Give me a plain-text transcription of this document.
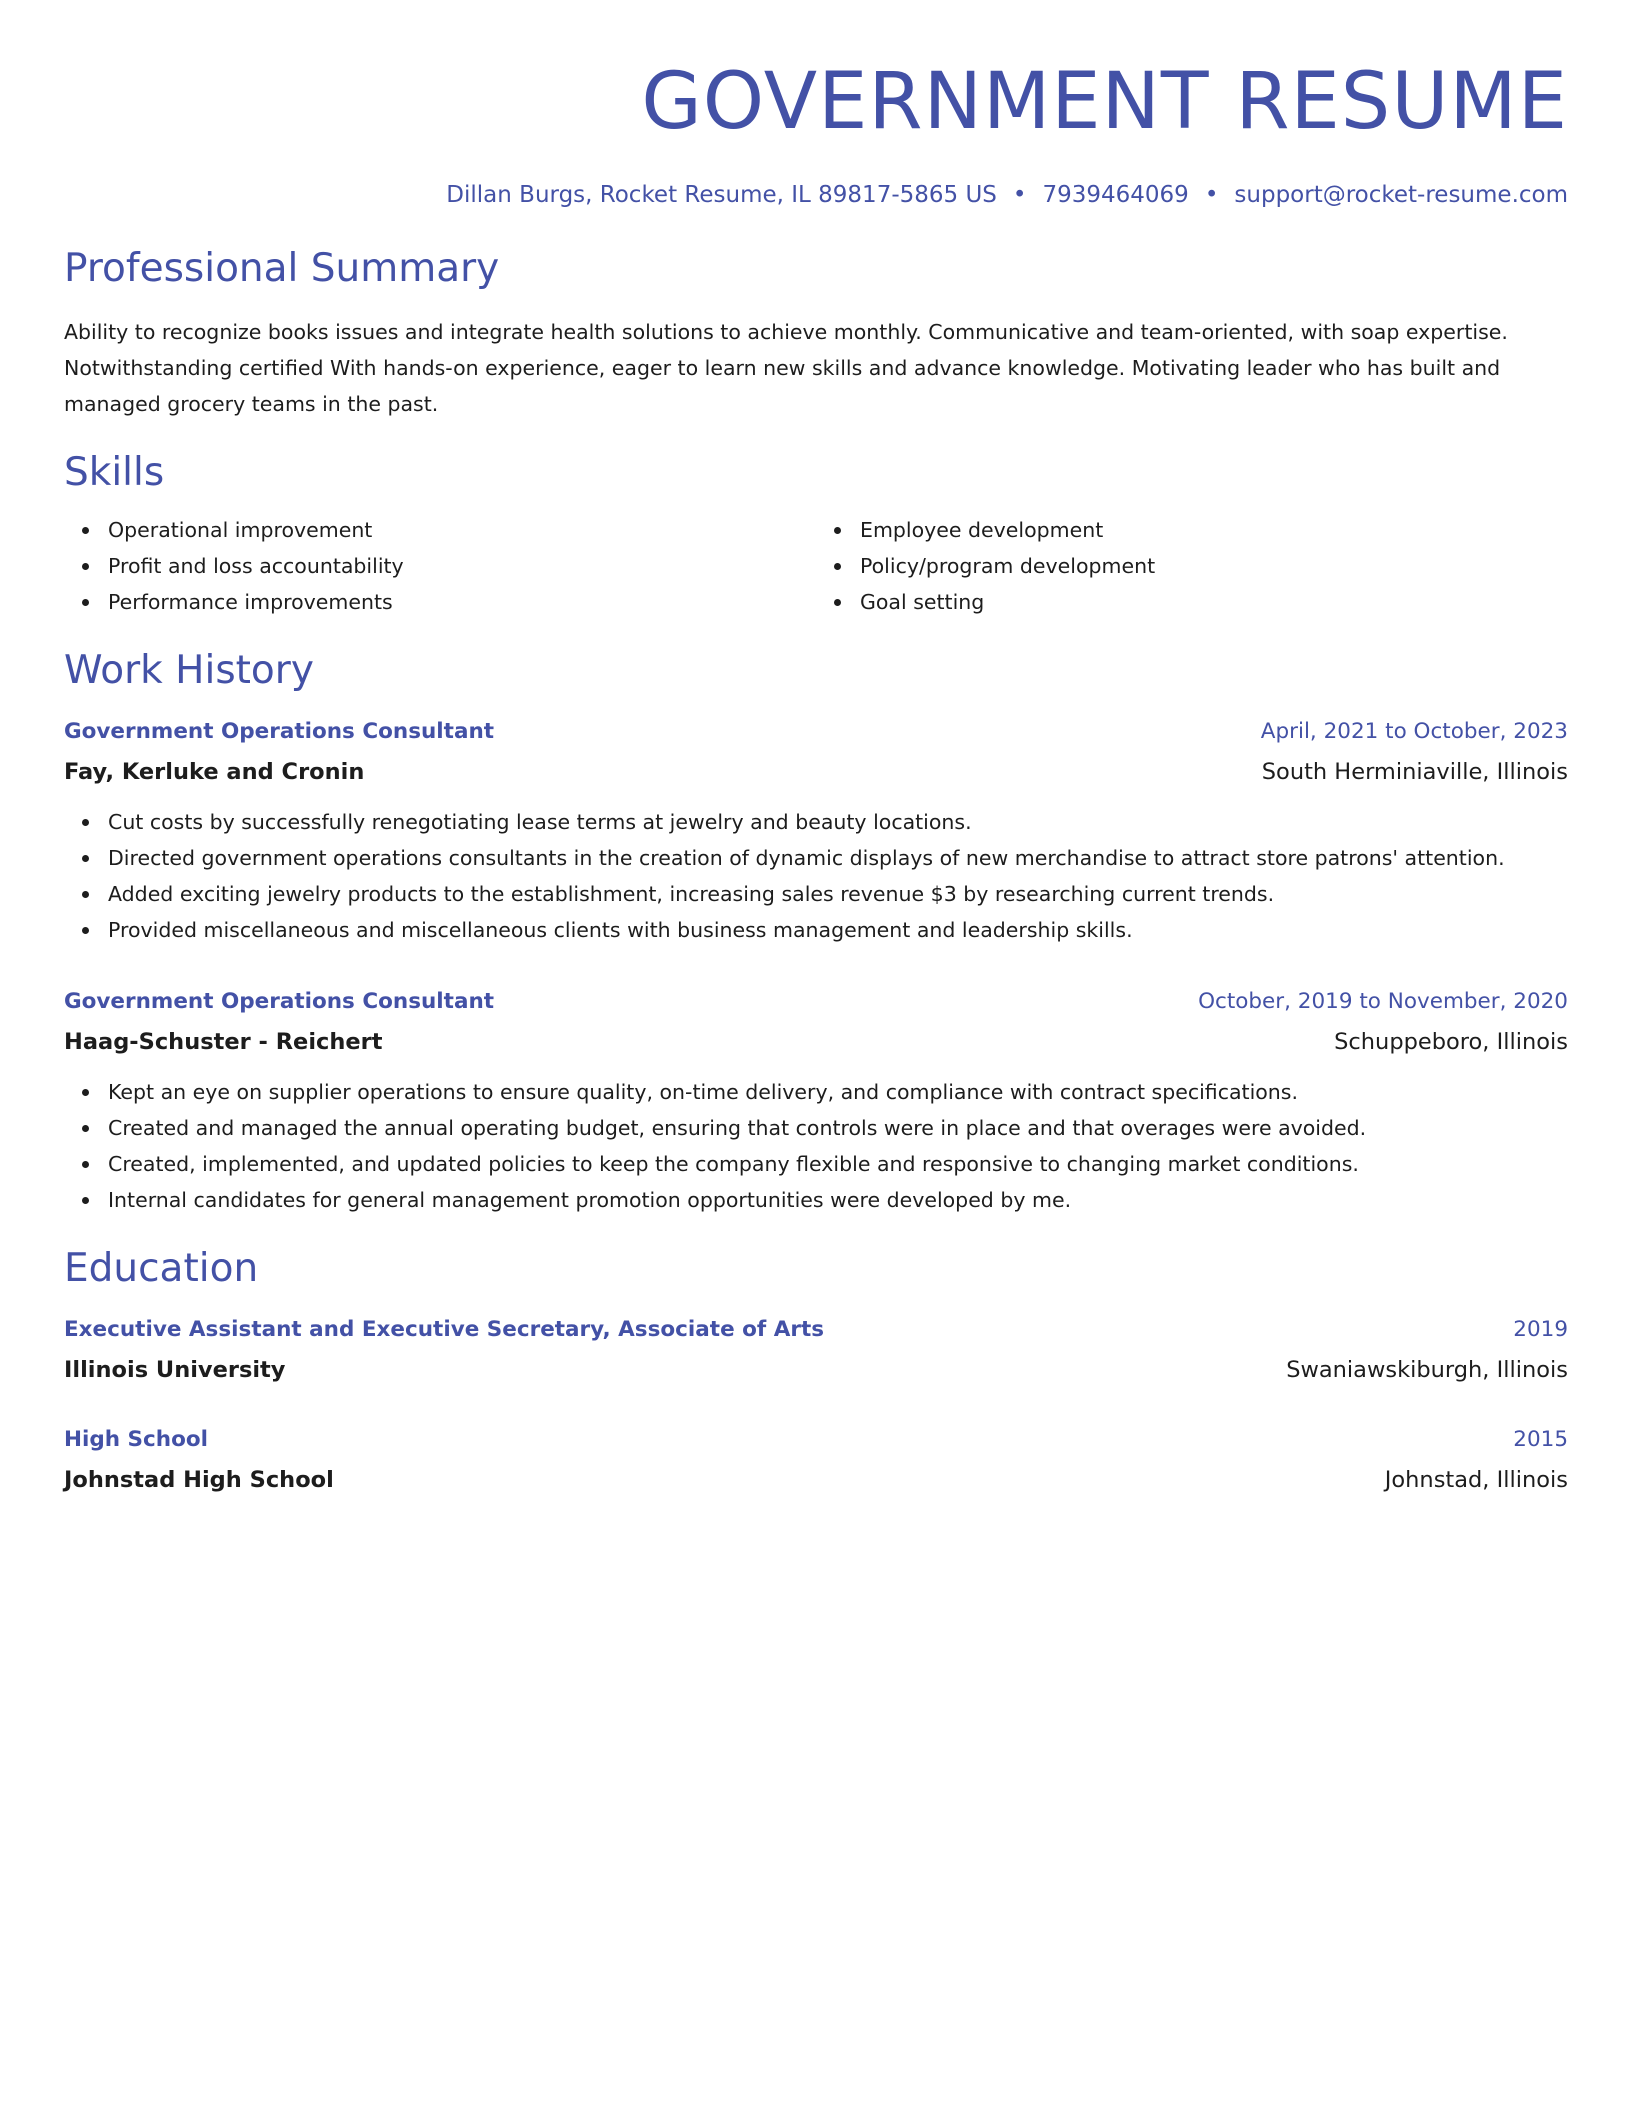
GOVERNMENT RESUME
Dillan Burgs, Rocket Resume, IL 89817-5865 US • 7939464069 • support@rocket-resume.com
Professional Summary

Ability to recognize books issues and integrate health solutions to achieve monthly. Communicative and team-oriented, with soap expertise. Notwithstanding certified With hands-on experience, eager to learn new skills and advance knowledge. Motivating leader who has built and managed grocery teams in the past.

Skills
Operational improvement
Profit and loss accountability
Performance improvements
Employee development
Policy/program development
Goal setting
Work History
Government Operations Consultant	April, 2021 to October, 2023
Fay, Kerluke and Cronin	South Herminiaville, Illinois
Cut costs by successfully renegotiating lease terms at jewelry and beauty locations.
Directed government operations consultants in the creation of dynamic displays of new merchandise to attract store patrons' attention.
Added exciting jewelry products to the establishment, increasing sales revenue $3 by researching current trends.
Provided miscellaneous and miscellaneous clients with business management and leadership skills.
Government Operations Consultant	October, 2019 to November, 2020
Haag-Schuster - Reichert	Schuppeboro, Illinois
Kept an eye on supplier operations to ensure quality, on-time delivery, and compliance with contract specifications.
Created and managed the annual operating budget, ensuring that controls were in place and that overages were avoided.
Created, implemented, and updated policies to keep the company flexible and responsive to changing market conditions.
Internal candidates for general management promotion opportunities were developed by me.
Education
Executive Assistant and Executive Secretary, Associate of Arts	2019
Illinois University	Swaniawskiburgh, Illinois
High School	2015
Johnstad High School	Johnstad, Illinois
